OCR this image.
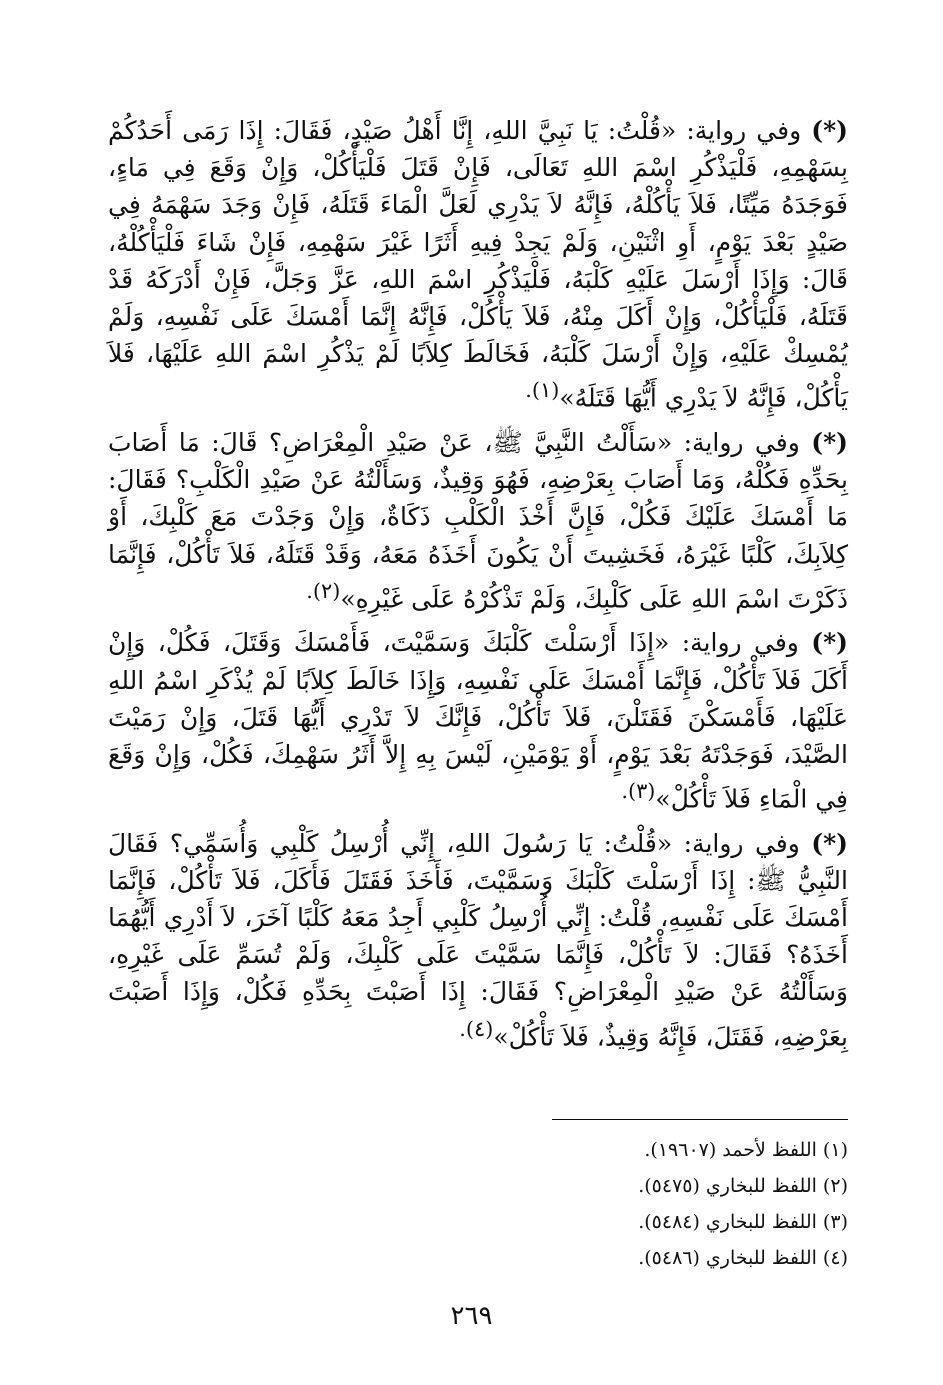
(*) وفي رواية: «قُلْتُ: يَا نَبِيَّ اللهِ، إِنَّا أَهْلُ صَيْدٍ، فَقَالَ: إِذَا رَمَى أَحَدُكُمْ بِسَهْمِهِ، فَلْيَذْكُرِ اسْمَ اللهِ تَعَالَى، فَإِنْ قَتَلَ فَلْيَأْكُلْ، وَإِنْ وَقَعَ فِي مَاءٍ، فَوَجَدَهُ مَيِّتًا، فَلاَ يَأْكُلْهُ، فَإِنَّهُ لاَ يَدْرِي لَعَلَّ الْمَاءَ قَتَلَهُ، فَإِنْ وَجَدَ سَهْمَهُ فِي صَيْدٍ بَعْدَ يَوْمٍ، أَوِ اثْنَيْنِ، وَلَمْ يَجِدْ فِيهِ أَثَرًا غَيْرَ سَهْمِهِ، فَإِنْ شَاءَ فَلْيَأْكُلْهُ، قَالَ: وَإِذَا أَرْسَلَ عَلَيْهِ كَلْبَهُ، فَلْيَذْكُرِ اسْمَ اللهِ، عَزَّ وَجَلَّ، فَإِنْ أَدْرَكَهُ قَدْ قَتَلَهُ، فَلْيَأْكُلْ، وَإِنْ أَكَلَ مِنْهُ، فَلاَ يَأْكُلْ، فَإِنَّهُ إِنَّمَا أَمْسَكَ عَلَى نَفْسِهِ، وَلَمْ يُمْسِكْ عَلَيْهِ، وَإِنْ أَرْسَلَ كَلْبَهُ، فَخَالَطَ كِلاَبًا لَمْ يَذْكُرِ اسْمَ اللهِ عَلَيْهَا، فَلاَ يَأْكُلْ، فَإِنَّهُ لاَ يَدْرِي أَيُّهَا قَتَلَهُ»$^{(١).}$

(*) وفي رواية: «سَأَلْتُ النَّبِيَّ ﷺ، عَنْ صَيْدِ الْمِعْرَاضِ؟ قَالَ: مَا أَصَابَ بِحَدِّهِ فَكُلْهُ، وَمَا أَصَابَ بِعَرْضِهِ، فَهُوَ وَقِيذٌ، وَسَأَلْتُهُ عَنْ صَيْدِ الْكَلْبِ؟ فَقَالَ: مَا أَمْسَكَ عَلَيْكَ فَكُلْ، فَإِنَّ أَخْذَ الْكَلْبِ ذَكَاةٌ، وَإِنْ وَجَدْتَ مَعَ كَلْبِكَ، أَوْ كِلاَبِكَ، كَلْبًا غَيْرَهُ، فَخَشِيتَ أَنْ يَكُونَ أَخَذَهُ مَعَهُ، وَقَدْ قَتَلَهُ، فَلاَ تَأْكُلْ، فَإِنَّمَا ذَكَرْتَ اسْمَ اللهِ عَلَى كَلْبِكَ، وَلَمْ تَذْكُرْهُ عَلَى غَيْرِهِ»$^{(٢).}$

(*) وفي رواية: «إِذَا أَرْسَلْتَ كَلْبَكَ وَسَمَّيْتَ، فَأَمْسَكَ وَقَتَلَ، فَكُلْ، وَإِنْ أَكَلَ فَلاَ تَأْكُلْ، فَإِنَّمَا أَمْسَكَ عَلَى نَفْسِهِ، وَإِذَا خَالَطَ كِلاَبًا لَمْ يُذْكَرِ اسْمُ اللهِ عَلَيْهَا، فَأَمْسَكْنَ فَقَتَلْنَ، فَلاَ تَأْكُلْ، فَإِنَّكَ لاَ تَدْرِي أَيُّهَا قَتَلَ، وَإِنْ رَمَيْتَ الصَّيْدَ، فَوَجَدْتَهُ بَعْدَ يَوْمٍ، أَوْ يَوْمَيْنِ، لَيْسَ بِهِ إِلاَّ أَثَرُ سَهْمِكَ، فَكُلْ، وَإِنْ وَقَعَ فِي الْمَاءِ فَلاَ تَأْكُلْ»$^{(٣).}$

(*) وفي رواية: «قُلْتُ: يَا رَسُولَ اللهِ، إِنِّي أُرْسِلُ كَلْبِي وَأُسَمِّي؟ فَقَالَ النَّبِيُّ ﷺ: إِذَا أَرْسَلْتَ كَلْبَكَ وَسَمَّيْتَ، فَأَخَذَ فَقَتَلَ فَأَكَلَ، فَلاَ تَأْكُلْ، فَإِنَّمَا أَمْسَكَ عَلَى نَفْسِهِ، قُلْتُ: إِنِّي أُرْسِلُ كَلْبِي أَجِدُ مَعَهُ كَلْبًا آخَرَ، لاَ أَدْرِي أَيُّهُمَا أَخَذَهُ؟ فَقَالَ: لاَ تَأْكُلْ، فَإِنَّمَا سَمَّيْتَ عَلَى كَلْبِكَ، وَلَمْ تُسَمِّ عَلَى غَيْرِهِ، وَسَأَلْتُهُ عَنْ صَيْدِ الْمِعْرَاضِ؟ فَقَالَ: إِذَا أَصَبْتَ بِحَدِّهِ فَكُلْ، وَإِذَا أَصَبْتَ بِعَرْضِهِ، فَقَتَلَ، فَإِنَّهُ وَقِيذٌ، فَلاَ تَأْكُلْ»$^{(٤).}$

(١) اللفظ لأحمد (١٩٦٠٧).
(٢) اللفظ للبخاري (٥٤٧٥).
(٣) اللفظ للبخاري (٥٤٨٤).
(٤) اللفظ للبخاري (٥٤٨٦).
٢٦٩
